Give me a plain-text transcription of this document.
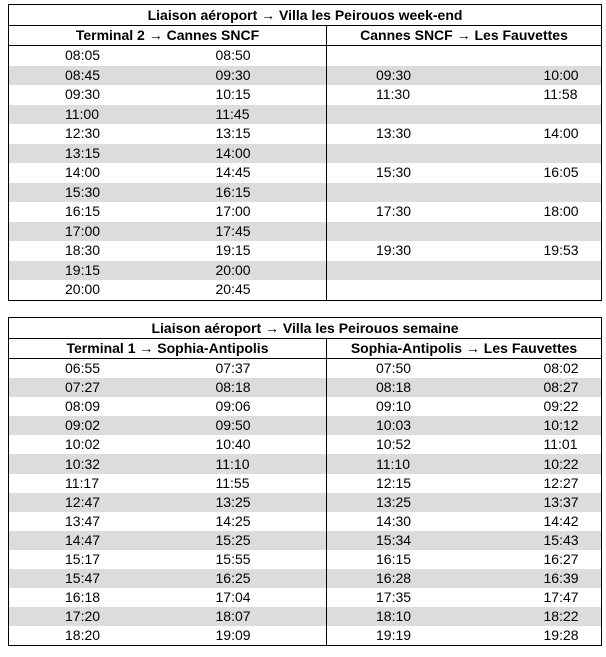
Liaison aéroport → Villa les Peirouos week-end			
Terminal 2 → Cannes SNCF		Cannes SNCF → Les Fauvettes	
08:05	08:50		
08:45	09:30	09:30	10:00
09:30	10:15	11:30	11:58
11:00	11:45		
12:30	13:15	13:30	14:00
13:15	14:00		
14:00	14:45	15:30	16:05
15:30	16:15		
16:15	17:00	17:30	18:00
17:00	17:45		
18:30	19:15	19:30	19:53
19:15	20:00		
20:00	20:45		
Liaison aéroport → Villa les Peirouos semaine			
Terminal 1 → Sophia-Antipolis		Sophia-Antipolis → Les Fauvettes	
06:55	07:37	07:50	08:02
07:27	08:18	08:18	08:27
08:09	09:06	09:10	09:22
09:02	09:50	10:03	10:12
10:02	10:40	10:52	11:01
10:32	11:10	11:10	10:22
11:17	11:55	12:15	12:27
12:47	13:25	13:25	13:37
13:47	14:25	14:30	14:42
14:47	15:25	15:34	15:43
15:17	15:55	16:15	16:27
15:47	16:25	16:28	16:39
16:18	17:04	17:35	17:47
17:20	18:07	18:10	18:22
18:20	19:09	19:19	19:28
